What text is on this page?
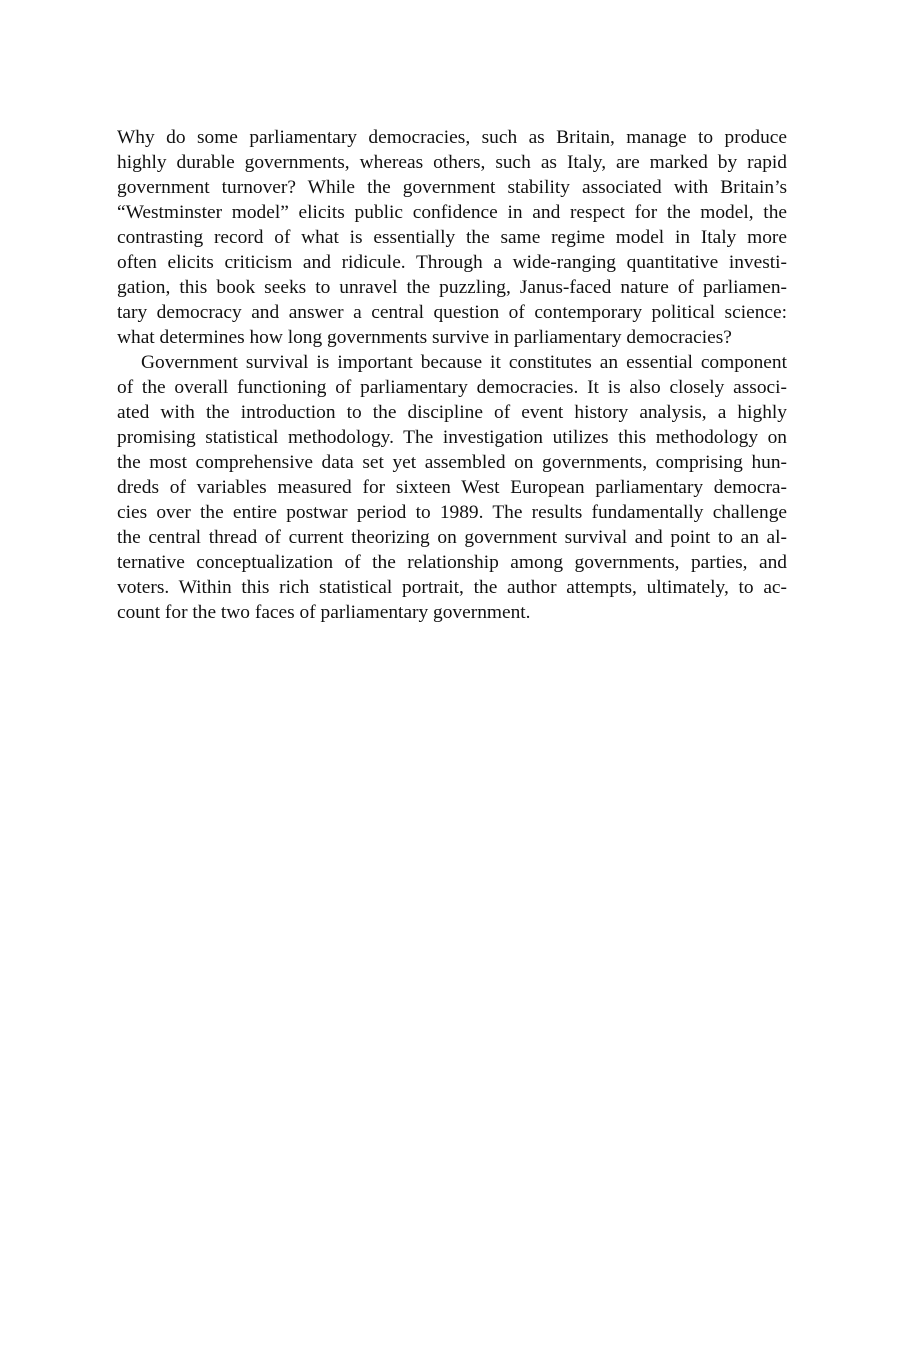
Why do some parliamentary democracies, such as Britain, manage to produce
highly durable governments, whereas others, such as Italy, are marked by rapid
government turnover? While the government stability associated with Britain’s
“Westminster model” elicits public confidence in and respect for the model, the
contrasting record of what is essentially the same regime model in Italy more
often elicits criticism and ridicule. Through a wide-ranging quantitative investi-
gation, this book seeks to unravel the puzzling, Janus-faced nature of parliamen-
tary democracy and answer a central question of contemporary political science:
what determines how long governments survive in parliamentary democracies?
Government survival is important because it constitutes an essential component
of the overall functioning of parliamentary democracies. It is also closely associ-
ated with the introduction to the discipline of event history analysis, a highly
promising statistical methodology. The investigation utilizes this methodology on
the most comprehensive data set yet assembled on governments, comprising hun-
dreds of variables measured for sixteen West European parliamentary democra-
cies over the entire postwar period to 1989. The results fundamentally challenge
the central thread of current theorizing on government survival and point to an al-
ternative conceptualization of the relationship among governments, parties, and
voters. Within this rich statistical portrait, the author attempts, ultimately, to ac-
count for the two faces of parliamentary government.
